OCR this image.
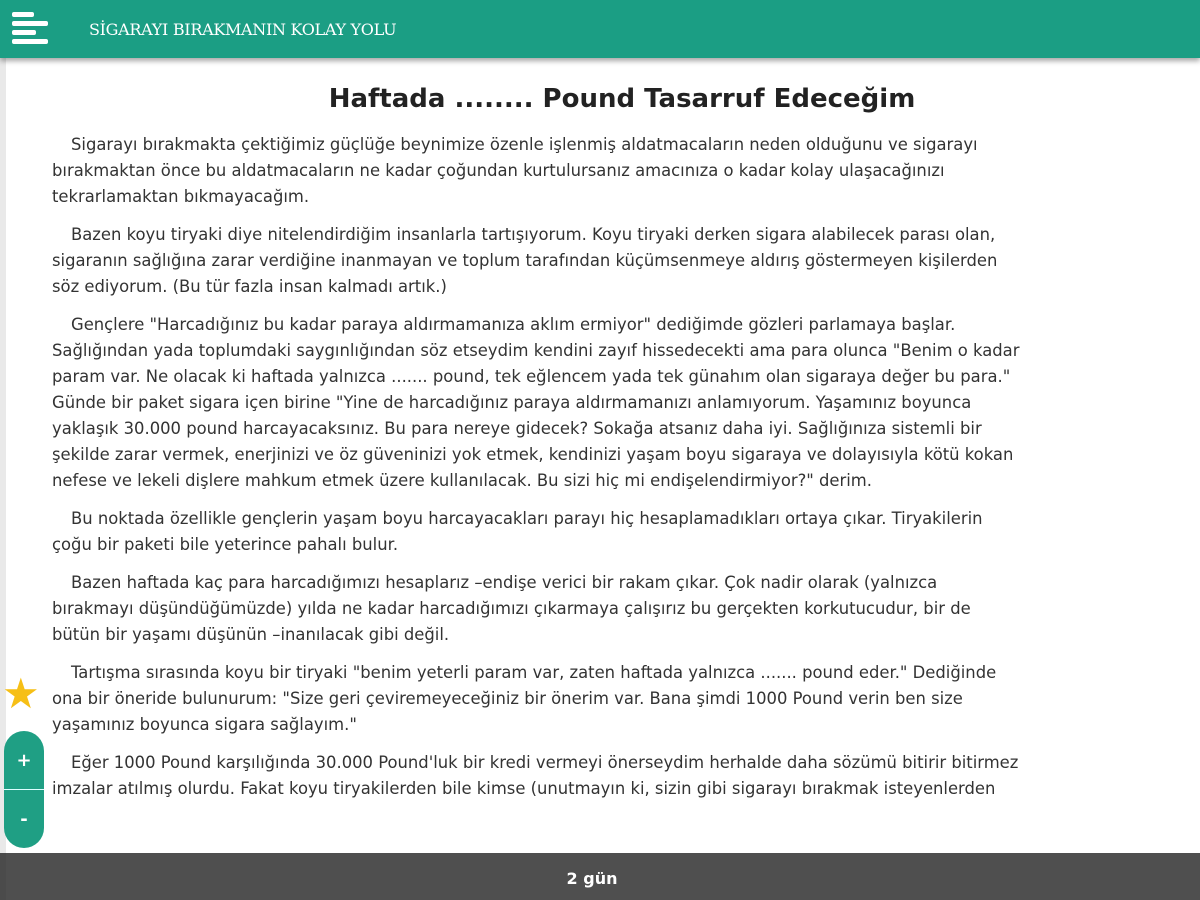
SİGARAYI BIRAKMANIN KOLAY YOLU
Haftada ........ Pound Tasarruf Edeceğim

Sigarayı bırakmakta çektiğimiz güçlüğe beynimize özenle işlenmiş aldatmacaların neden olduğunu ve sigarayı
bırakmaktan önce bu aldatmacaların ne kadar çoğundan kurtulursanız amacınıza o kadar kolay ulaşacağınızı
tekrarlamaktan bıkmayacağım.

Bazen koyu tiryaki diye nitelendirdiğim insanlarla tartışıyorum. Koyu tiryaki derken sigara alabilecek parası olan,
sigaranın sağlığına zarar verdiğine inanmayan ve toplum tarafından küçümsenmeye aldırış göstermeyen kişilerden
söz ediyorum. (Bu tür fazla insan kalmadı artık.)

Gençlere "Harcadığınız bu kadar paraya aldırmamanıza aklım ermiyor" dediğimde gözleri parlamaya başlar.
Sağlığından yada toplumdaki saygınlığından söz etseydim kendini zayıf hissedecekti ama para olunca "Benim o kadar
param var. Ne olacak ki haftada yalnızca ....... pound, tek eğlencem yada tek günahım olan sigaraya değer bu para."
Günde bir paket sigara içen birine "Yine de harcadığınız paraya aldırmamanızı anlamıyorum. Yaşamınız boyunca
yaklaşık 30.000 pound harcayacaksınız. Bu para nereye gidecek? Sokağa atsanız daha iyi. Sağlığınıza sistemli bir
şekilde zarar vermek, enerjinizi ve öz güveninizi yok etmek, kendinizi yaşam boyu sigaraya ve dolayısıyla kötü kokan
nefese ve lekeli dişlere mahkum etmek üzere kullanılacak. Bu sizi hiç mi endişelendirmiyor?" derim.

Bu noktada özellikle gençlerin yaşam boyu harcayacakları parayı hiç hesaplamadıkları ortaya çıkar. Tiryakilerin
çoğu bir paketi bile yeterince pahalı bulur.

Bazen haftada kaç para harcadığımızı hesaplarız –endişe verici bir rakam çıkar. Çok nadir olarak (yalnızca
bırakmayı düşündüğümüzde) yılda ne kadar harcadığımızı çıkarmaya çalışırız bu gerçekten korkutucudur, bir de
bütün bir yaşamı düşünün –inanılacak gibi değil.

Tartışma sırasında koyu bir tiryaki "benim yeterli param var, zaten haftada yalnızca ....... pound eder." Dediğinde
ona bir öneride bulunurum: "Size geri çeviremeyeceğiniz bir önerim var. Bana şimdi 1000 Pound verin ben size
yaşamınız boyunca sigara sağlayım."

Eğer 1000 Pound karşılığında 30.000 Pound'luk bir kredi vermeyi önerseydim herhalde daha sözümü bitirir bitirmez
imzalar atılmış olurdu. Fakat koyu tiryakilerden bile kimse (unutmayın ki, sizin gibi sigarayı bırakmak isteyenlerden

★
+
-
2 gün
